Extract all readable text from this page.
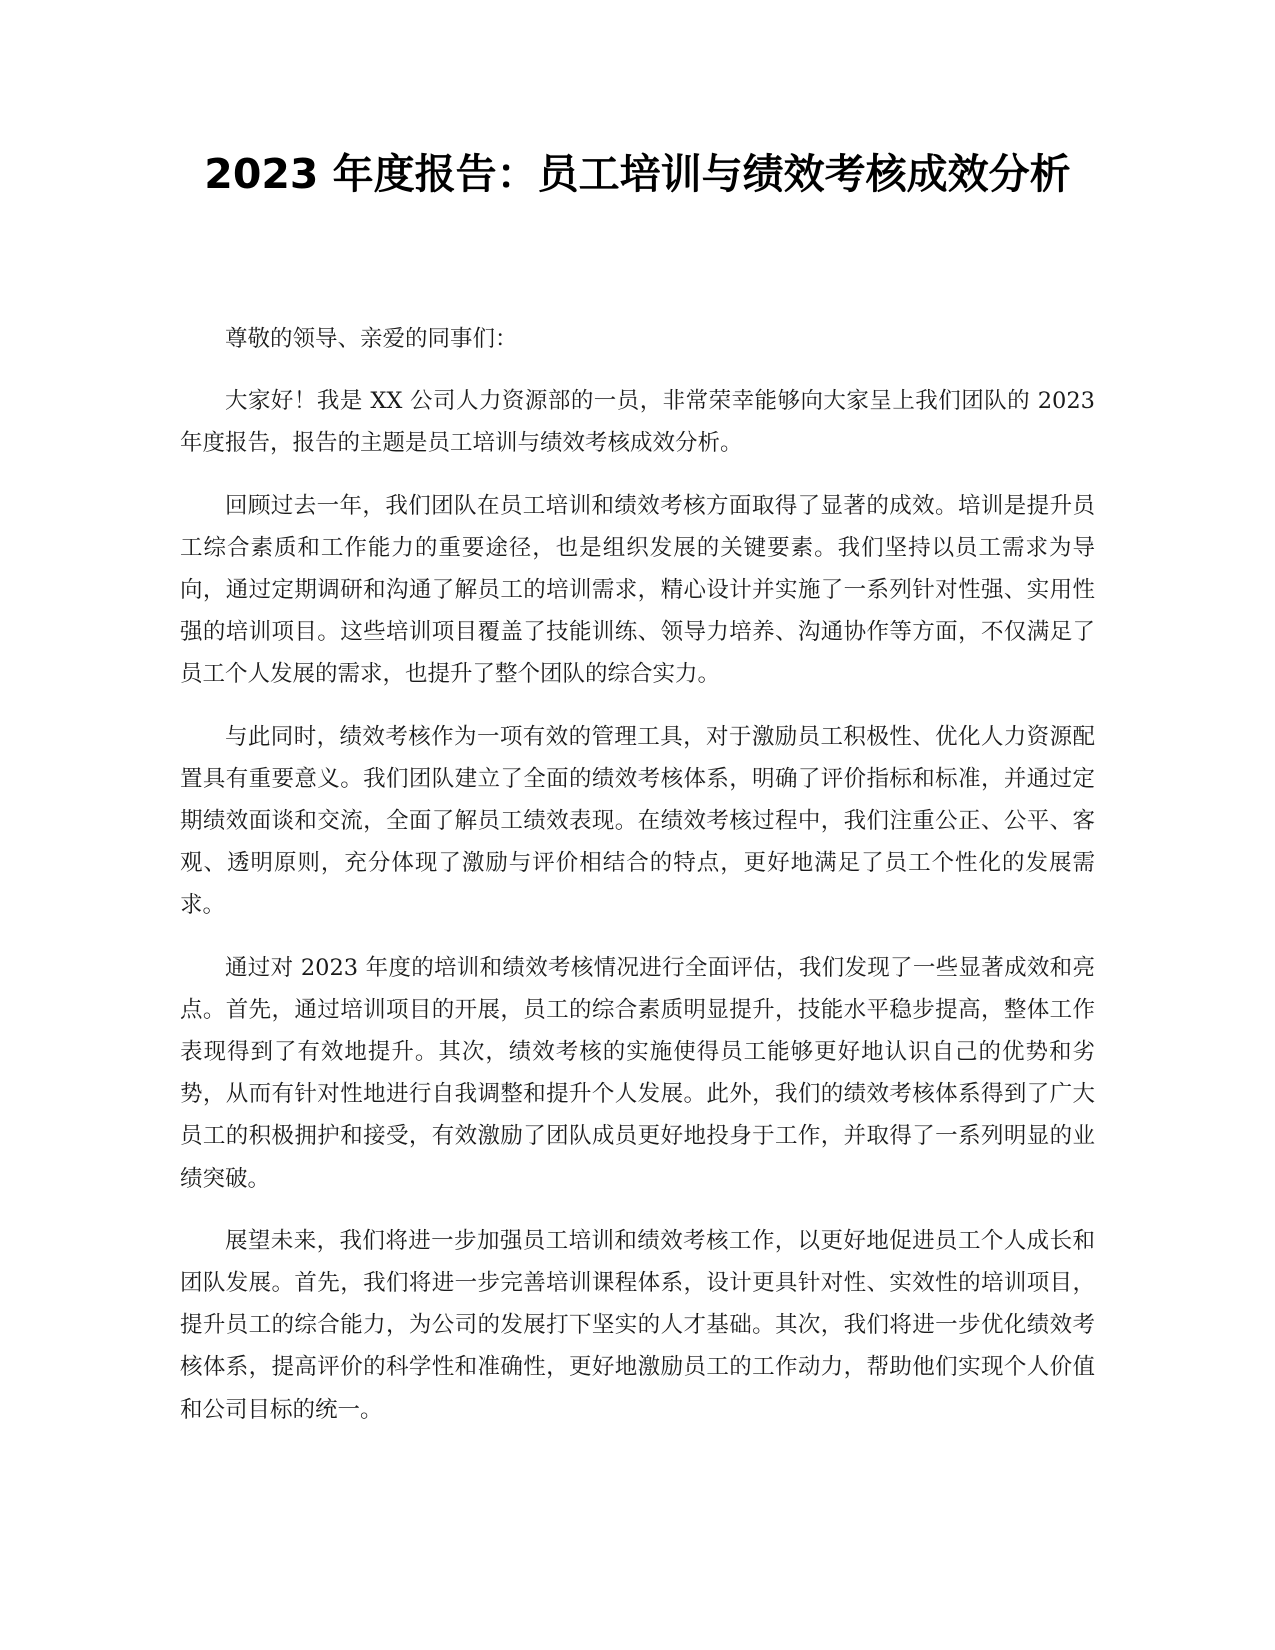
2023 年度报告：员工培训与绩效考核成效分析

尊敬的领导、亲爱的同事们：

大家好！我是 XX 公司人力资源部的一员，非常荣幸能够向大家呈上我们团队的 2023 年度报告，报告的主题是员工培训与绩效考核成效分析。

回顾过去一年，我们团队在员工培训和绩效考核方面取得了显著的成效。培训是提升员工综合素质和工作能力的重要途径，也是组织发展的关键要素。我们坚持以员工需求为导向，通过定期调研和沟通了解员工的培训需求，精心设计并实施了一系列针对性强、实用性强的培训项目。这些培训项目覆盖了技能训练、领导力培养、沟通协作等方面，不仅满足了员工个人发展的需求，也提升了整个团队的综合实力。

与此同时，绩效考核作为一项有效的管理工具，对于激励员工积极性、优化人力资源配置具有重要意义。我们团队建立了全面的绩效考核体系，明确了评价指标和标准，并通过定期绩效面谈和交流，全面了解员工绩效表现。在绩效考核过程中，我们注重公正、公平、客观、透明原则，充分体现了激励与评价相结合的特点，更好地满足了员工个性化的发展需求。

通过对 2023 年度的培训和绩效考核情况进行全面评估，我们发现了一些显著成效和亮点。首先，通过培训项目的开展，员工的综合素质明显提升，技能水平稳步提高，整体工作表现得到了有效地提升。其次，绩效考核的实施使得员工能够更好地认识自己的优势和劣势，从而有针对性地进行自我调整和提升个人发展。此外，我们的绩效考核体系得到了广大员工的积极拥护和接受，有效激励了团队成员更好地投身于工作，并取得了一系列明显的业绩突破。

展望未来，我们将进一步加强员工培训和绩效考核工作，以更好地促进员工个人成长和团队发展。首先，我们将进一步完善培训课程体系，设计更具针对性、实效性的培训项目，提升员工的综合能力，为公司的发展打下坚实的人才基础。其次，我们将进一步优化绩效考核体系，提高评价的科学性和准确性，更好地激励员工的工作动力，帮助他们实现个人价值和公司目标的统一。
